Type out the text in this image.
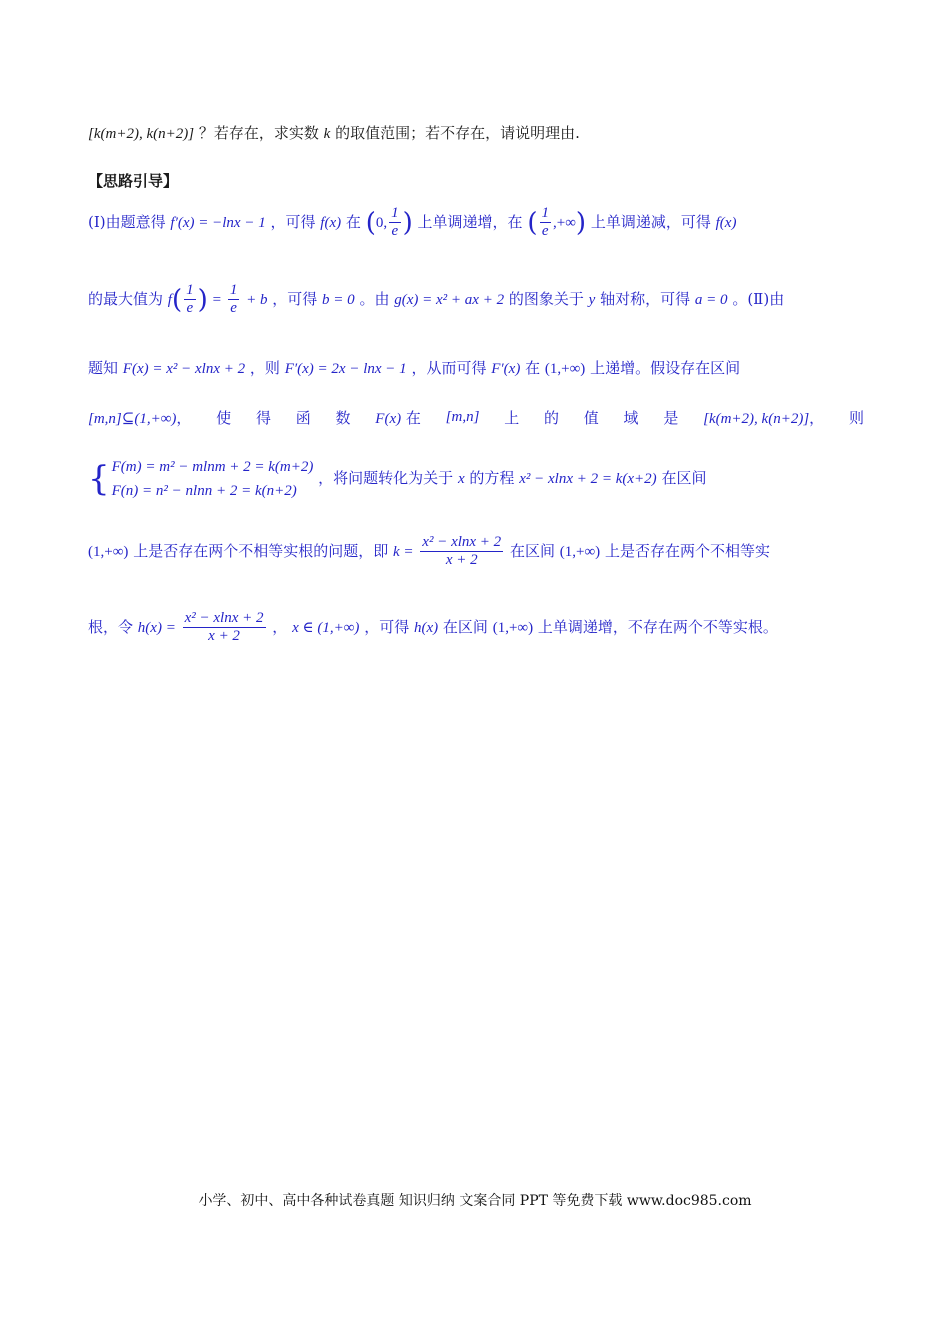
[k(m+2), k(n+2)] ？若存在，求实数 k 的取值范围；若不存在，请说明理由.
【思路引导】
(Ⅰ)由题意得 f′(x) = −lnx − 1 ，可得 f(x) 在 (0, $\frac{1}{e}$ ) 上单调递增，在 ( $\frac{1}{e}$ ,+∞) 上单调递减，可得 f(x)
的最大值为 $f( \frac{1}{e}$ ) = $\frac{1}{e} + b$ ，可得 b = 0 。由 g(x) = x² + ax + 2 的图象关于 y 轴对称，可得 a = 0 。(Ⅱ)由
题知 F(x) = x² − xlnx + 2 ，则 F′(x) = 2x − lnx − 1 ，从而可得 F′(x) 在 (1,+∞) 上递增。假设存在区间
[m,n]⊆(1,+∞)， 使 得 函 数 F(x) 在 [m,n] 上 的 值 域 是 [k(m+2), k(n+2)]， 则
{ F(m) = m² − mlnm + 2 = k(m+2)
F(n) = n² − nlnn + 2 = k(n+2)
，将问题转化为关于 x 的方程 x² − xlnx + 2 = k(x+2) 在区间
(1,+∞) 上是否存在两个不相等实根的问题，即 $k = \frac{\text{x² − xlnx + 2}}{x + 2}$ 在区间 (1,+∞) 上是否存在两个不相等实
根，令 $h(x) = \frac{\text{x² − xlnx + 2}}{x + 2}$ ， x ∈ (1,+∞) ，可得 h(x) 在区间 (1,+∞) 上单调递增，不存在两个不等实根。
小学、初中、高中各种试卷真题 知识归纳 文案合同 PPT 等免费下载 www.doc985.com
